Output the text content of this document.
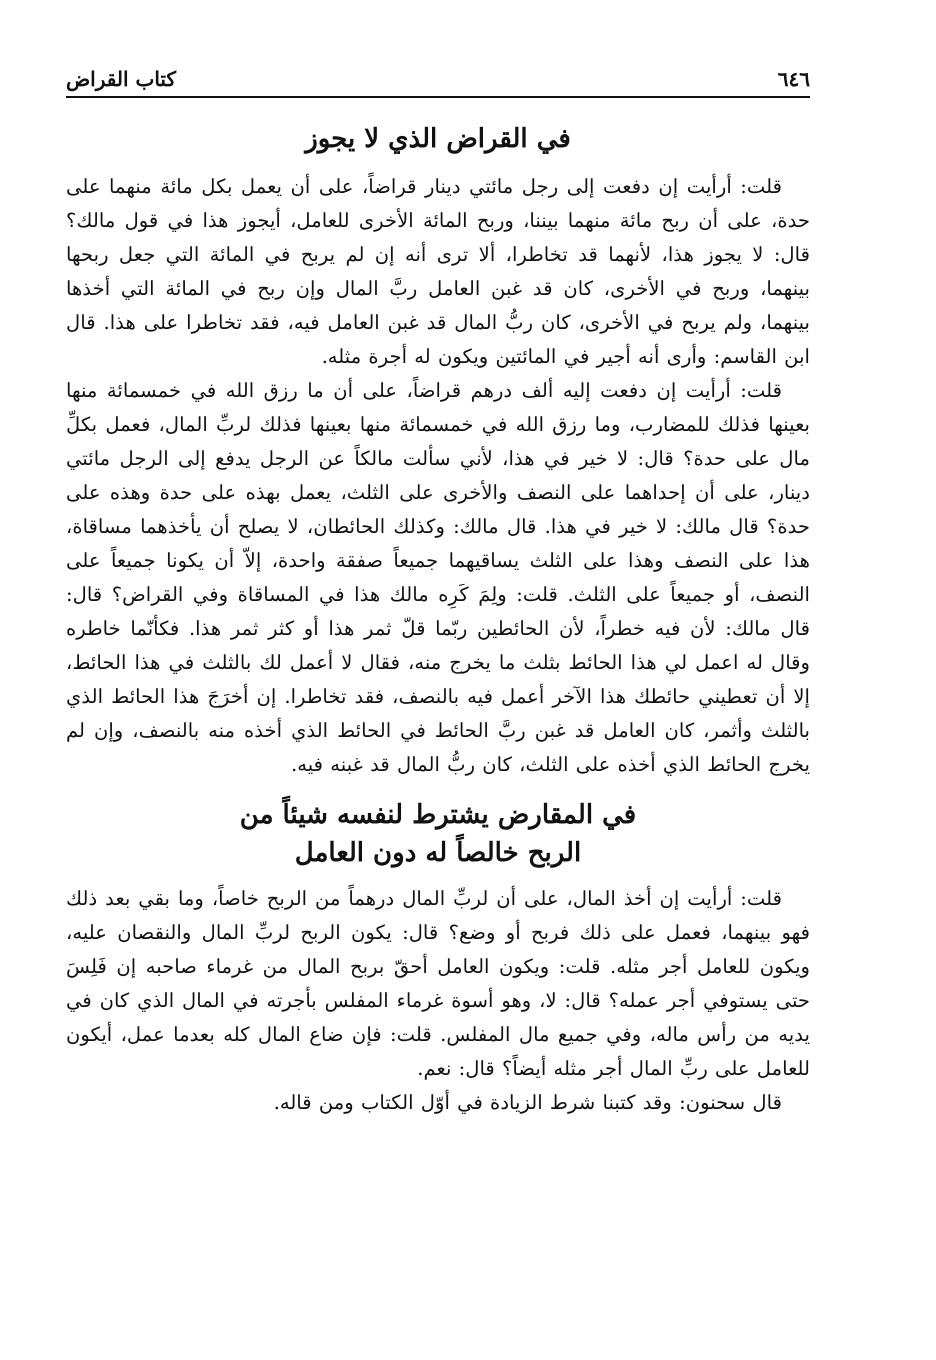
٦٤٦
كتاب القراض
في القراض الذي لا يجوز

قلت: أرأيت إن دفعت إلى رجل مائتي دينار قراضاً، على أن يعمل بكل مائة منهما على حدة، على أن ربح مائة منهما بيننا، وربح المائة الأخرى للعامل، أيجوز هذا في قول مالك؟ قال: لا يجوز هذا، لأنهما قد تخاطرا، ألا ترى أنه إن لم يربح في المائة التي جعل ربحها بينهما، وربح في الأخرى، كان قد غبن العامل ربَّ المال وإن ربح في المائة التي أخذها بينهما، ولم يربح في الأخرى، كان ربُّ المال قد غبن العامل فيه، فقد تخاطرا على هذا. قال ابن القاسم: وأرى أنه أجير في المائتين ويكون له أجرة مثله.

قلت: أرأيت إن دفعت إليه ألف درهم قراضاً، على أن ما رزق الله في خمسمائة منها بعينها فذلك للمضارب، وما رزق الله في خمسمائة منها بعينها فذلك لربِّ المال، فعمل بكلِّ مال على حدة؟ قال: لا خير في هذا، لأني سألت مالكاً عن الرجل يدفع إلى الرجل مائتي دينار، على أن إحداهما على النصف والأخرى على الثلث، يعمل بهذه على حدة وهذه على حدة؟ قال مالك: لا خير في هذا. قال مالك: وكذلك الحائطان، لا يصلح أن يأخذهما مساقاة، هذا على النصف وهذا على الثلث يساقيهما جميعاً صفقة واحدة، إلاّ أن يكونا جميعاً على النصف، أو جميعاً على الثلث. قلت: ولِمَ كَرِه مالك هذا في المساقاة وفي القراض؟ قال: قال مالك: لأن فيه خطراً، لأن الحائطين ربّما قلّ ثمر هذا أو كثر ثمر هذا. فكأنّما خاطره وقال له اعمل لي هذا الحائط بثلث ما يخرج منه، فقال لا أعمل لك بالثلث في هذا الحائط، إلا أن تعطيني حائطك هذا الآخر أعمل فيه بالنصف، فقد تخاطرا. إن أخرَجَ هذا الحائط الذي بالثلث وأثمر، كان العامل قد غبن ربَّ الحائط في الحائط الذي أخذه منه بالنصف، وإن لم يخرج الحائط الذي أخذه على الثلث، كان ربُّ المال قد غبنه فيه.

في المقارض يشترط لنفسه شيئاً من
الربح خالصاً له دون العامل

قلت: أرأيت إن أخذ المال، على أن لربِّ المال درهماً من الربح خاصاً، وما بقي بعد ذلك فهو بينهما، فعمل على ذلك فربح أو وضع؟ قال: يكون الربح لربِّ المال والنقصان عليه، ويكون للعامل أجر مثله. قلت: ويكون العامل أحقّ بربح المال من غرماء صاحبه إن فَلِسَ حتى يستوفي أجر عمله؟ قال: لا، وهو أسوة غرماء المفلس بأجرته في المال الذي كان في يديه من رأس ماله، وفي جميع مال المفلس. قلت: فإن ضاع المال كله بعدما عمل، أيكون للعامل على ربِّ المال أجر مثله أيضاً؟ قال: نعم.

قال سحنون: وقد كتبنا شرط الزيادة في أوّل الكتاب ومن قاله.
